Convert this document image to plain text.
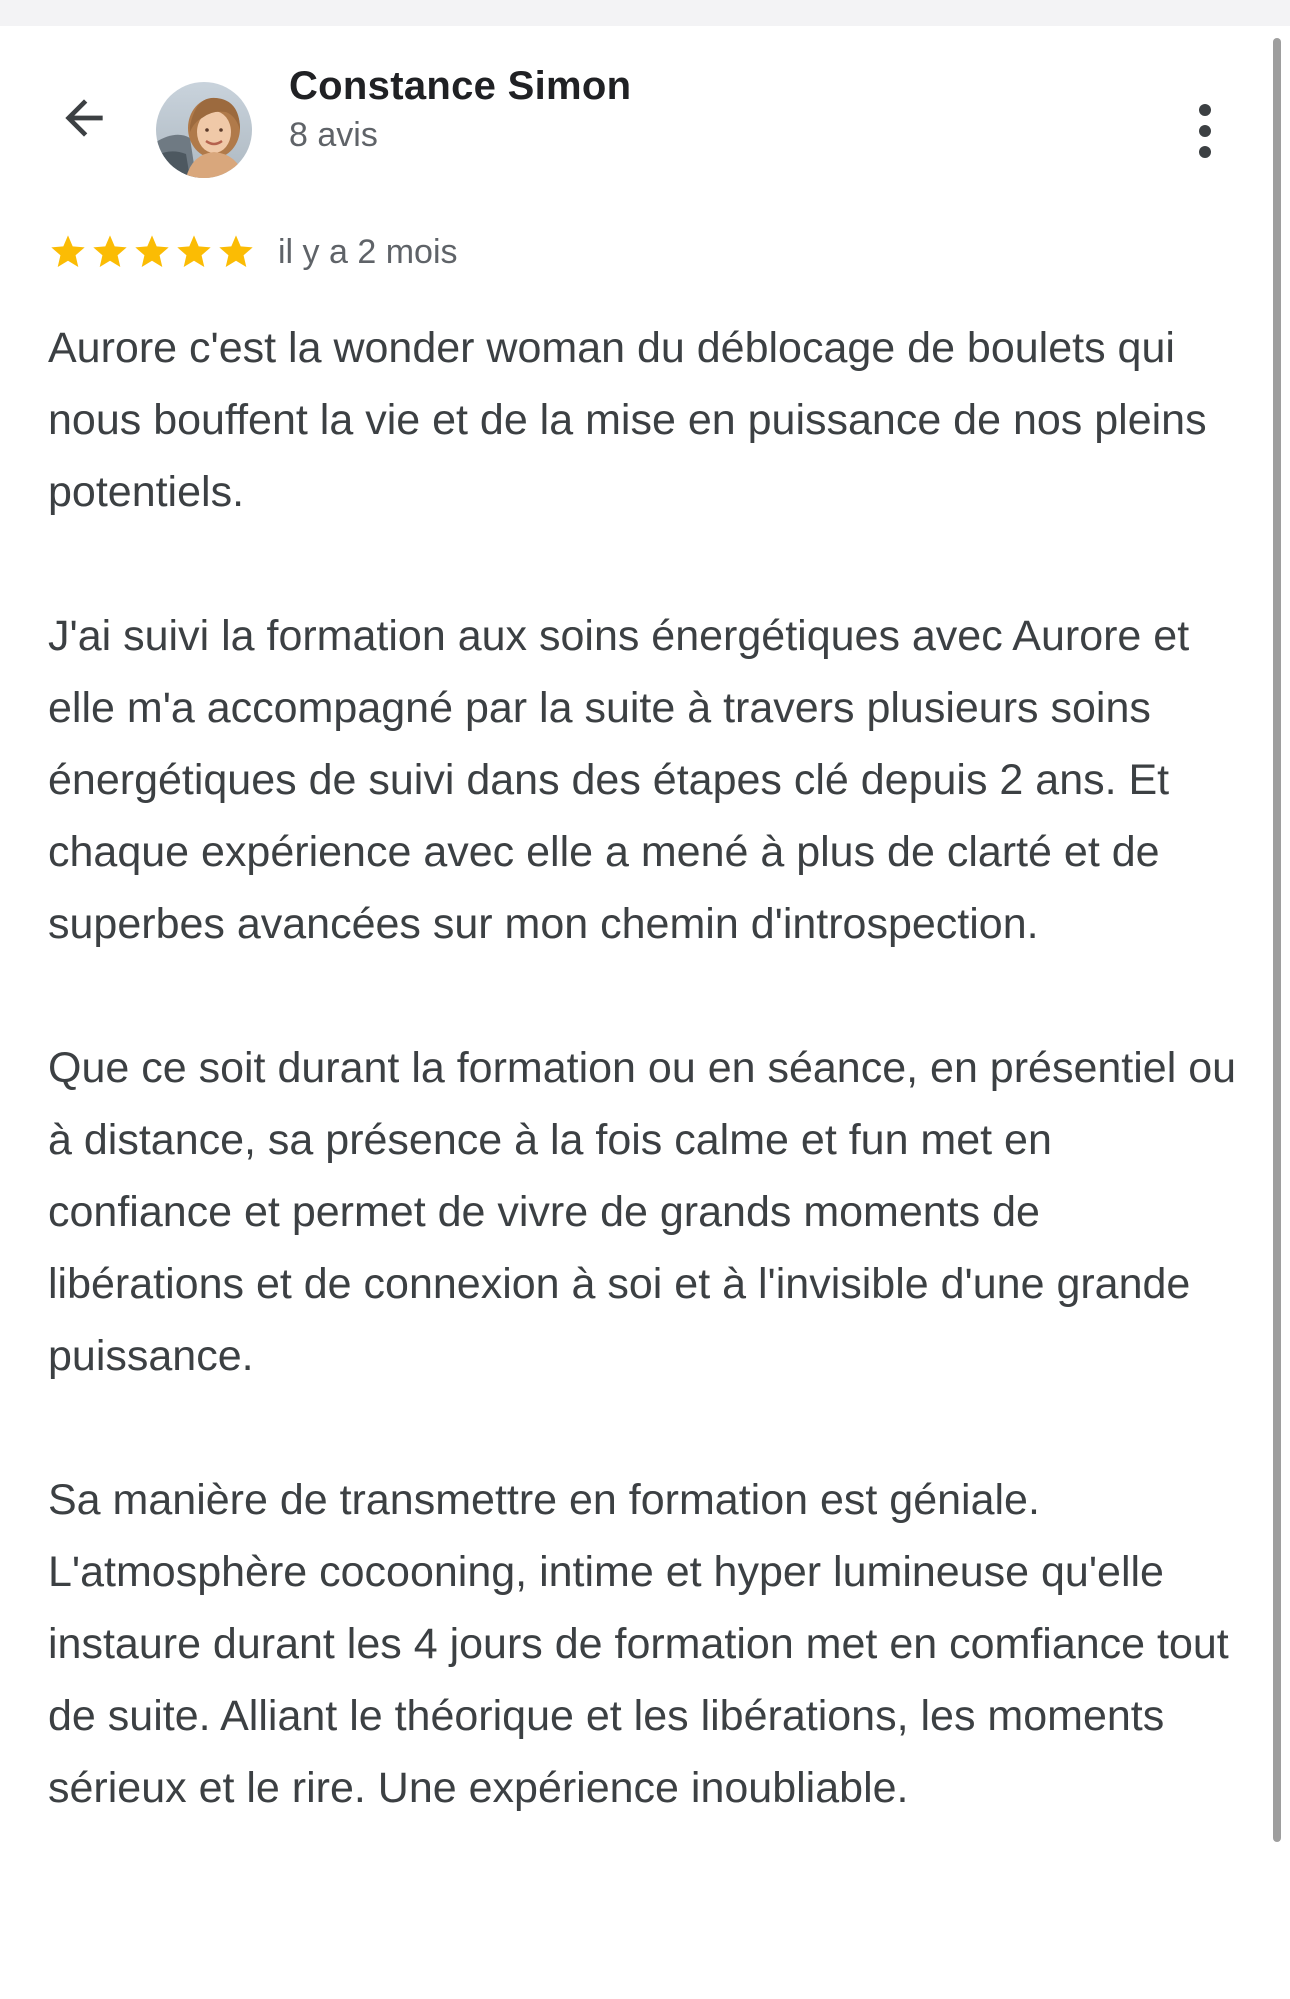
Constance Simon
8 avis
il y a 2 mois

Aurore c'est la wonder woman du déblocage de boulets qui nous bouffent la vie et de la mise en puissance de nos pleins potentiels.

J'ai suivi la formation aux soins énergétiques avec Aurore et elle m'a accompagné par la suite à travers plusieurs soins énergétiques de suivi dans des étapes clé depuis 2 ans. Et chaque expérience avec elle a mené à plus de clarté et de superbes avancées sur mon chemin d'introspection.

Que ce soit durant la formation ou en séance, en présentiel ou à distance, sa présence à la fois calme et fun met en confiance et permet de vivre de grands moments de libérations et de connexion à soi et à l'invisible d'une grande puissance.

Sa manière de transmettre en formation est géniale. L'atmosphère cocooning, intime et hyper lumineuse qu'elle instaure durant les 4 jours de formation met en comfiance tout de suite. Alliant le théorique et les libérations, les moments sérieux et le rire. Une expérience inoubliable.
